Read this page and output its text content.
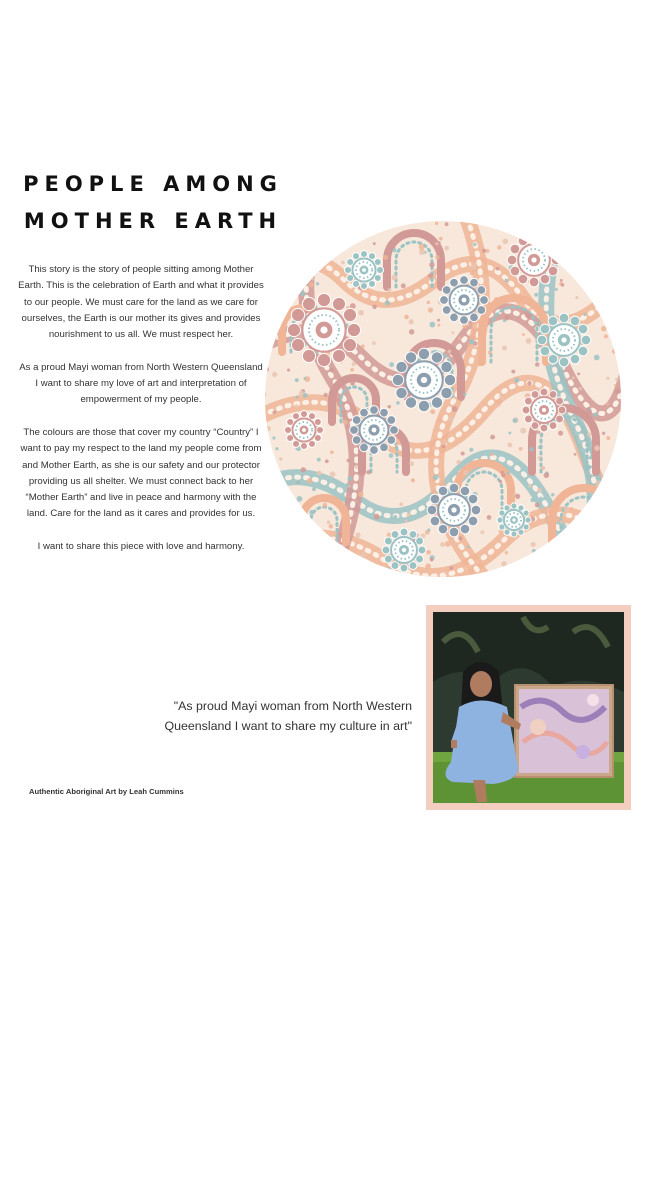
PEOPLE AMONG
MOTHER EARTH

This story is the story of people sitting among Mother Earth. This is the celebration of Earth and what it provides to our people. We must care for the land as we care for ourselves, the Earth is our mother its gives and provides nourishment to us all. We must respect her.

As a proud Mayi woman from North Western Queensland I want to share my love of art and interpretation of empowerment of my people.

The colours are those that cover my country “Country” I want to pay my respect to the land my people come from and Mother Earth, as she is our safety and our protector providing us all shelter. We must connect back to her “Mother Earth” and live in peace and harmony with the land. Care for the land as it cares and provides for us.

I want to share this piece with love and harmony.

"As proud Mayi woman from North Western
Queensland I want to share my culture in art"
Authentic Aboriginal Art by Leah Cummins
